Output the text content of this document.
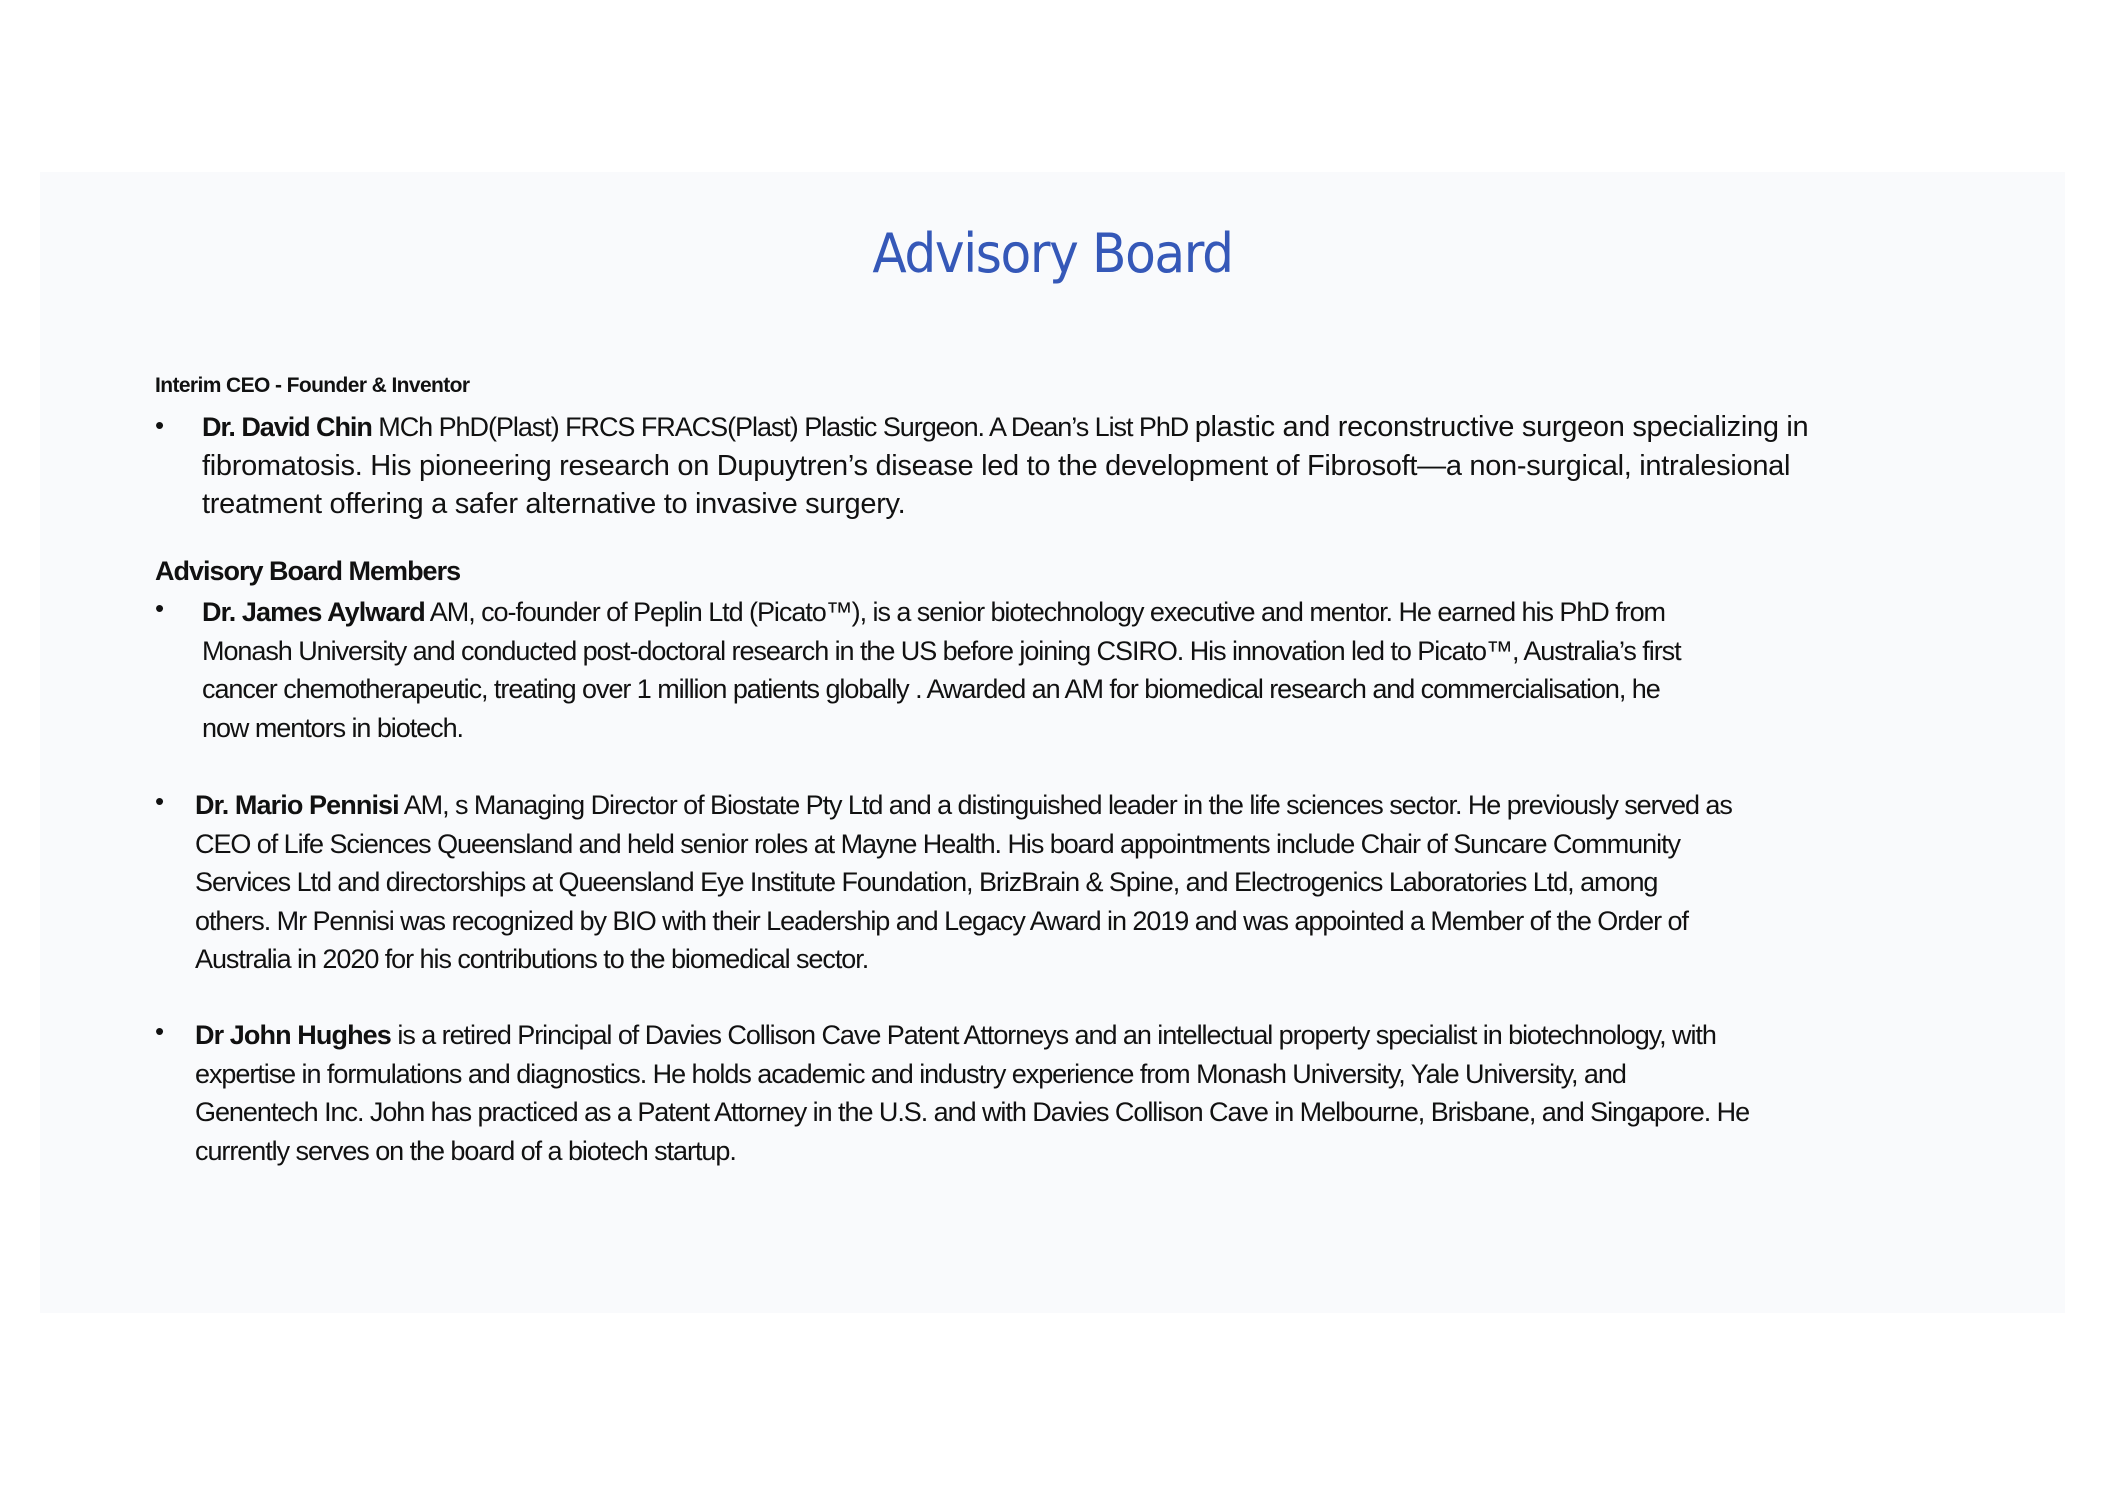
Advisory Board
Interim CEO - Founder & Inventor
• Dr. David Chin MCh PhD(Plast) FRCS FRACS(Plast) Plastic Surgeon. A Dean’s List PhD plastic and reconstructive surgeon specializing in
fibromatosis. His pioneering research on Dupuytren’s disease led to the development of Fibrosoft—a non-surgical, intralesional
treatment offering a safer alternative to invasive surgery.
Advisory Board Members
• Dr. James Aylward AM, co-founder of Peplin Ltd (Picato™), is a senior biotechnology executive and mentor. He earned his PhD from
Monash University and conducted post-doctoral research in the US before joining CSIRO. His innovation led to Picato™, Australia’s first
cancer chemotherapeutic, treating over 1 million patients globally . Awarded an AM for biomedical research and commercialisation, he
now mentors in biotech.
• Dr. Mario Pennisi AM, s Managing Director of Biostate Pty Ltd and a distinguished leader in the life sciences sector. He previously served as
CEO of Life Sciences Queensland and held senior roles at Mayne Health. His board appointments include Chair of Suncare Community
Services Ltd and directorships at Queensland Eye Institute Foundation, BrizBrain & Spine, and Electrogenics Laboratories Ltd, among
others. Mr Pennisi was recognized by BIO with their Leadership and Legacy Award in 2019 and was appointed a Member of the Order of
Australia in 2020 for his contributions to the biomedical sector.
• Dr John Hughes is a retired Principal of Davies Collison Cave Patent Attorneys and an intellectual property specialist in biotechnology, with
expertise in formulations and diagnostics. He holds academic and industry experience from Monash University, Yale University, and
Genentech Inc. John has practiced as a Patent Attorney in the U.S. and with Davies Collison Cave in Melbourne, Brisbane, and Singapore. He
currently serves on the board of a biotech startup.
